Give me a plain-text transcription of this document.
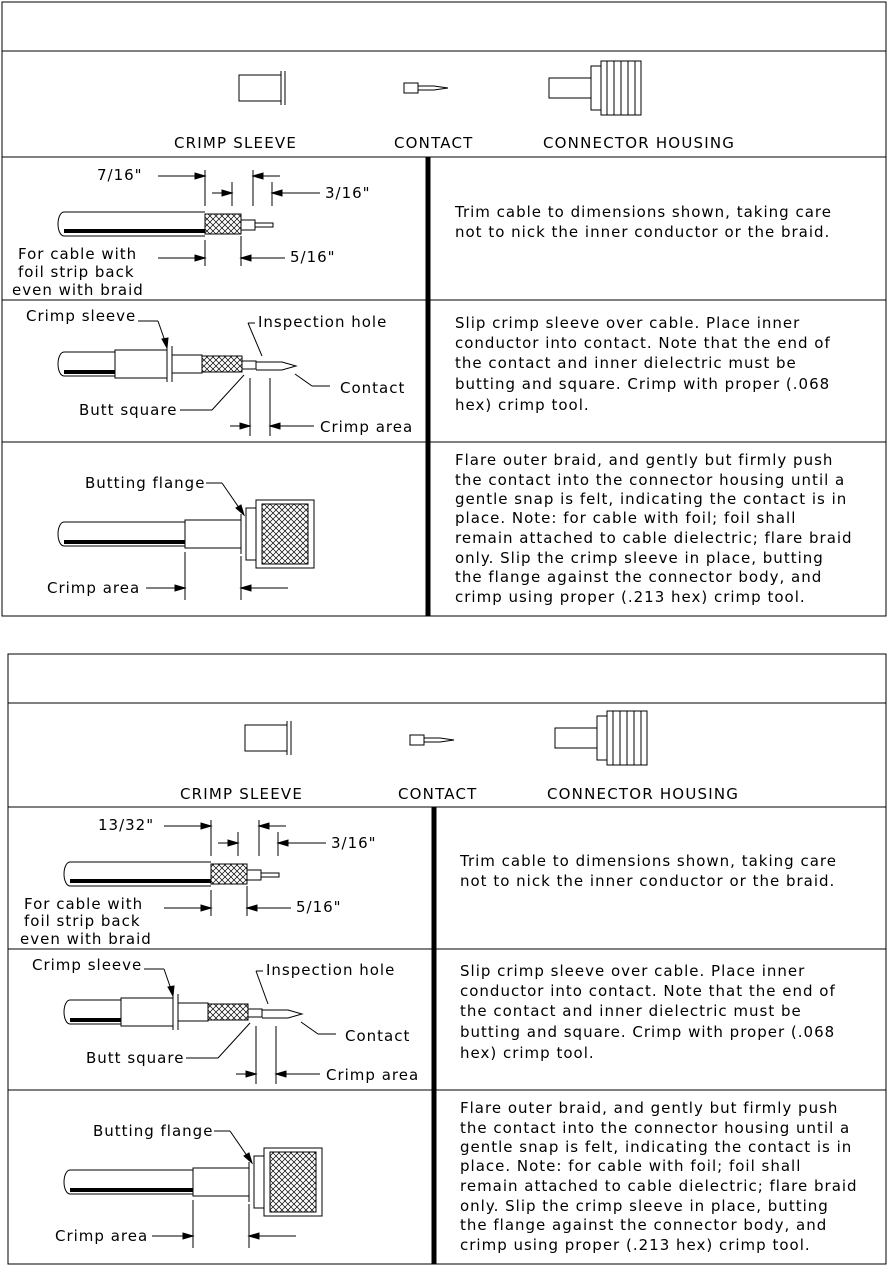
CRIMP SLEEVE	CONTACT	CONNECTOR HOUSING
7/16"
3/16"
5/16"
For cable with
foil strip back
even with braid
Trim cable to dimensions shown, taking care not to nick the inner conductor or the braid.
Crimp sleeve	Inspection hole
Contact
Butt square
Crimp area
Slip crimp sleeve over cable. Place inner conductor into contact. Note that the end of the contact and inner dielectric must be butting and square. Crimp with proper (.068 hex) crimp tool.
Butting flange
Crimp area
Flare outer braid, and gently but firmly push the contact into the connector housing until a gentle snap is felt, indicating the contact is in place. Note: for cable with foil; foil shall remain attached to cable dielectric; flare braid only. Slip the crimp sleeve in place, butting the flange against the connector body, and crimp using proper (.213 hex) crimp tool.
CRIMP SLEEVE	CONTACT	CONNECTOR HOUSING
13/32"
3/16"
5/16"
For cable with
foil strip back
even with braid
Trim cable to dimensions shown, taking care not to nick the inner conductor or the braid.
Crimp sleeve	Inspection hole
Contact
Butt square
Crimp area
Slip crimp sleeve over cable. Place inner conductor into contact. Note that the end of the contact and inner dielectric must be butting and square. Crimp with proper (.068 hex) crimp tool.
Butting flange
Crimp area
Flare outer braid, and gently but firmly push the contact into the connector housing until a gentle snap is felt, indicating the contact is in place. Note: for cable with foil; foil shall remain attached to cable dielectric; flare braid only. Slip the crimp sleeve in place, butting the flange against the connector body, and crimp using proper (.213 hex) crimp tool.
